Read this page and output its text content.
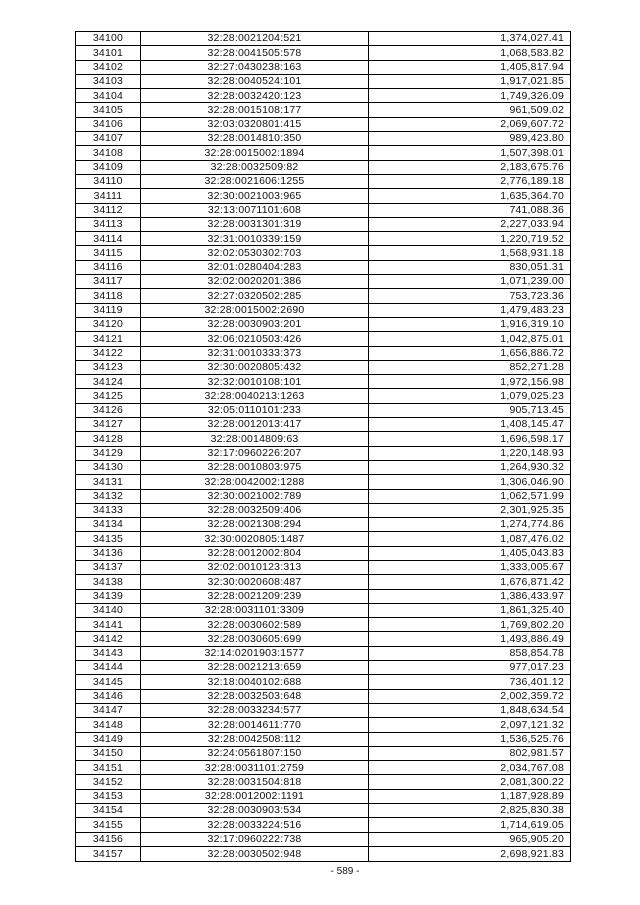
34100	32:28:0021204:521	1,374,027.41
34101	32:28:0041505:578	1,068,583.82
34102	32:27:0430238:163	1,405,817.94
34103	32:28:0040524:101	1,917,021.85
34104	32:28:0032420:123	1,749,326.09
34105	32:28:0015108:177	961,509.02
34106	32:03:0320801:415	2,069,607.72
34107	32:28:0014810:350	989,423.80
34108	32:28:0015002:1894	1,507,398.01
34109	32:28:0032509:82	2,183,675.76
34110	32:28:0021606:1255	2,776,189.18
34111	32:30:0021003:965	1,635,364.70
34112	32:13:0071101:608	741,088.36
34113	32:28:0031301:319	2,227,033.94
34114	32:31:0010339:159	1,220,719.52
34115	32:02:0530302:703	1,568,931.18
34116	32:01:0280404:283	830,051.31
34117	32:02:0020201:386	1,071,239.00
34118	32:27:0320502:285	753,723.36
34119	32:28:0015002:2690	1,479,483.23
34120	32:28:0030903:201	1,916,319.10
34121	32:06:0210503:426	1,042,875.01
34122	32:31:0010333:373	1,656,886.72
34123	32:30:0020805:432	852,271.28
34124	32:32:0010108:101	1,972,156.98
34125	32:28:0040213:1263	1,079,025.23
34126	32:05:0110101:233	905,713.45
34127	32:28:0012013:417	1,408,145.47
34128	32:28:0014809:63	1,696,598.17
34129	32:17:0960226:207	1,220,148.93
34130	32:28:0010803:975	1,264,930.32
34131	32:28:0042002:1288	1,306,046.90
34132	32:30:0021002:789	1,062,571.99
34133	32:28:0032509:406	2,301,925.35
34134	32:28:0021308:294	1,274,774.86
34135	32:30:0020805:1487	1,087,476.02
34136	32:28:0012002:804	1,405,043.83
34137	32:02:0010123:313	1,333,005.67
34138	32:30:0020608:487	1,676,871.42
34139	32:28:0021209:239	1,386,433.97
34140	32:28:0031101:3309	1,861,325.40
34141	32:28:0030602:589	1,769,802.20
34142	32:28:0030605:699	1,493,886.49
34143	32:14:0201903:1577	858,854.78
34144	32:28:0021213:659	977,017.23
34145	32:18:0040102:688	736,401.12
34146	32:28:0032503:648	2,002,359.72
34147	32:28:0033234:577	1,848,634.54
34148	32:28:0014611:770	2,097,121.32
34149	32:28:0042508:112	1,536,525.76
34150	32:24:0561807:150	802,981.57
34151	32:28:0031101:2759	2,034,767.08
34152	32:28:0031504:818	2,081,300.22
34153	32:28:0012002:1191	1,187,928.89
34154	32:28:0030903:534	2,825,830.38
34155	32:28:0033224:516	1,714,619.05
34156	32:17:0960222:738	965,905.20
34157	32:28:0030502:948	2,698,921.83
- 589 -
